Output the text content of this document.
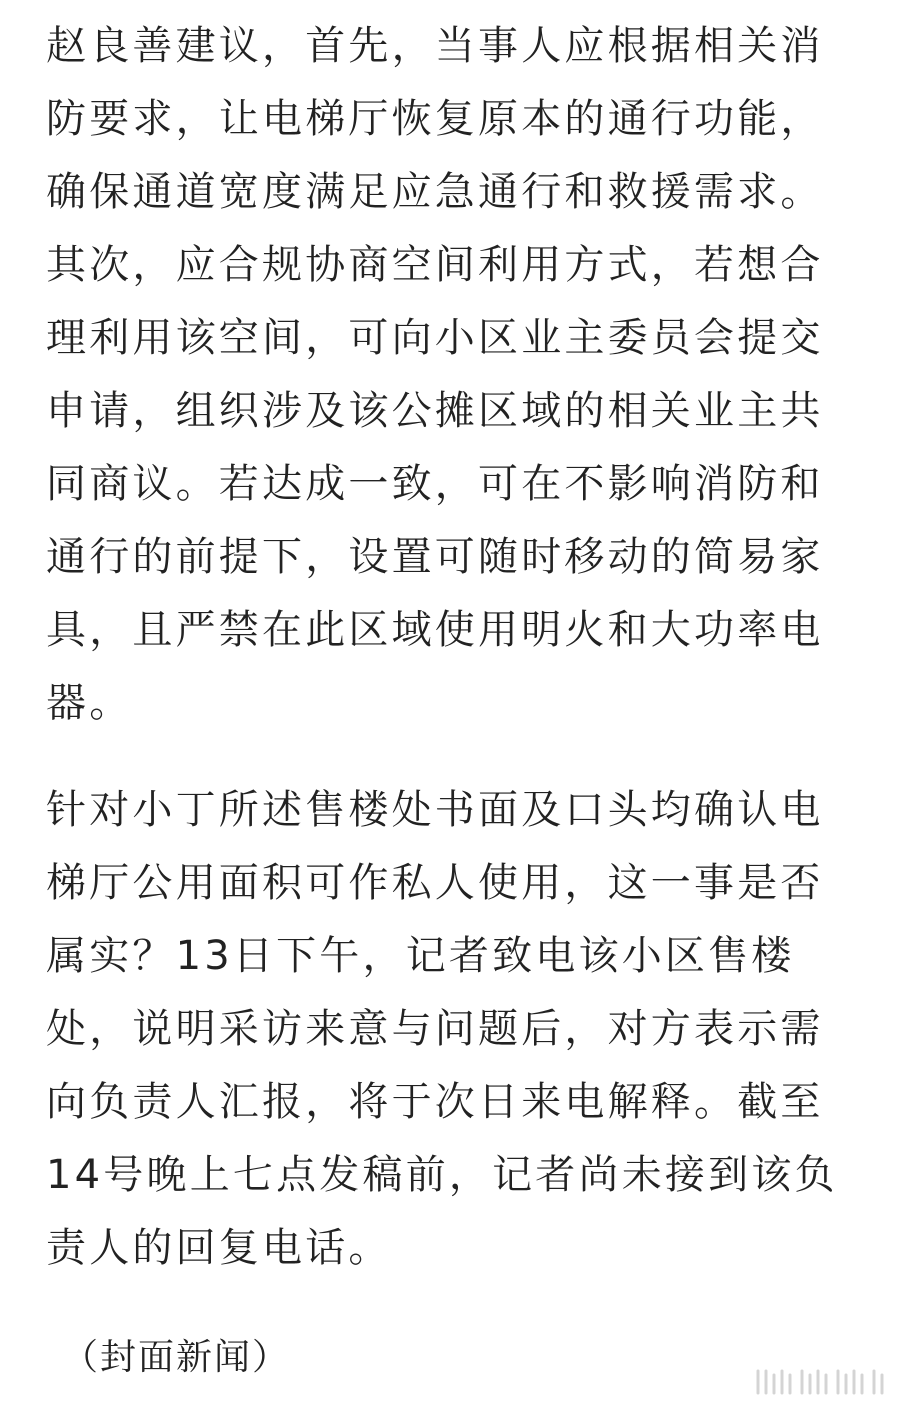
赵良善建议，首先，当事人应根据相关消
防要求，让电梯厅恢复原本的通行功能，
确保通道宽度满足应急通行和救援需求。
其次，应合规协商空间利用方式，若想合
理利用该空间，可向小区业主委员会提交
申请，组织涉及该公摊区域的相关业主共
同商议。若达成一致，可在不影响消防和
通行的前提下，设置可随时移动的简易家
具，且严禁在此区域使用明火和大功率电
器。

针对小丁所述售楼处书面及口头均确认电
梯厅公用面积可作私人使用，这一事是否
属实？13日下午，记者致电该小区售楼
处，说明采访来意与问题后，对方表示需
向负责人汇报，将于次日来电解释。截至
14号晚上七点发稿前，记者尚未接到该负
责人的回复电话。

（封面新闻）
